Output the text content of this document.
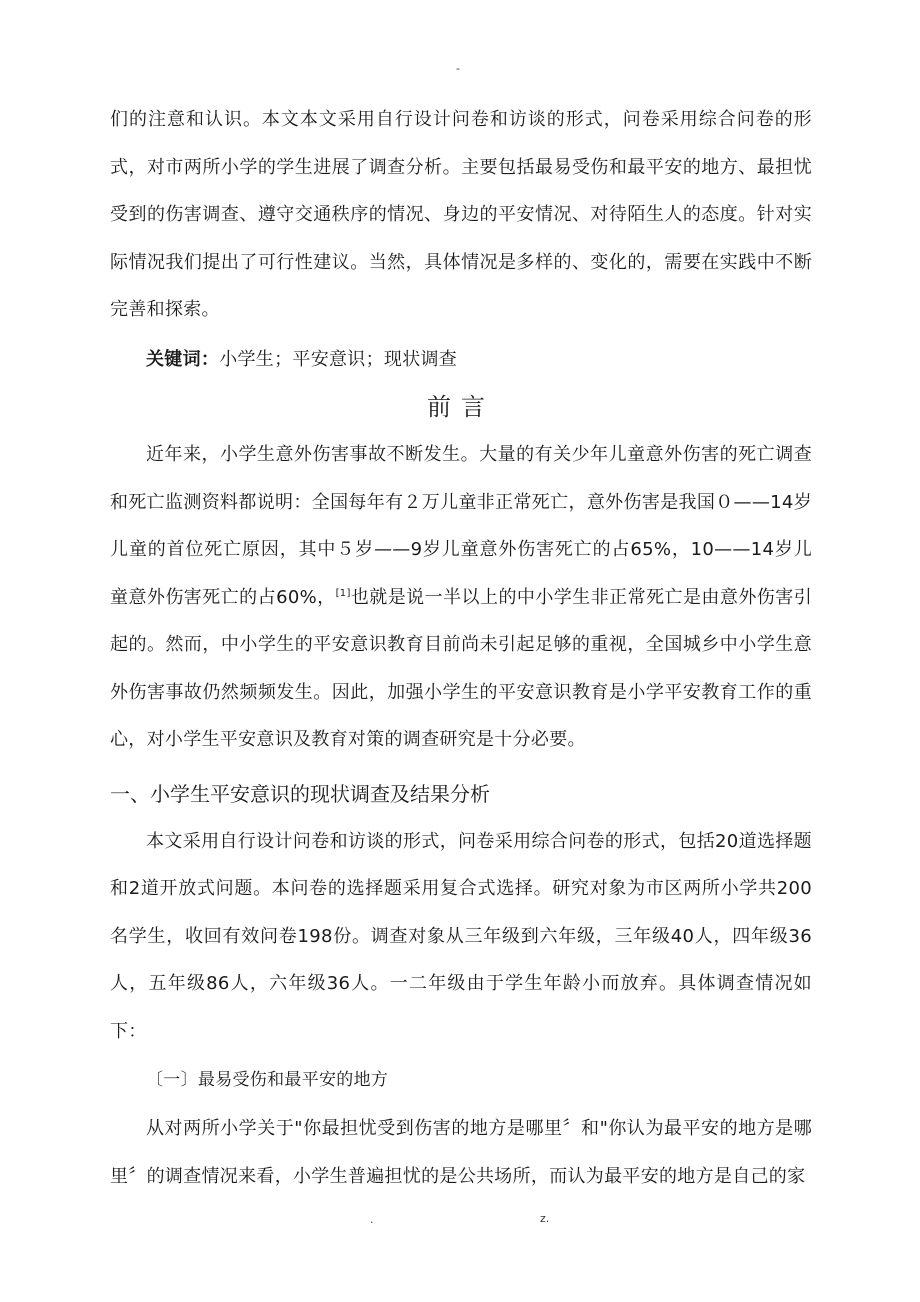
-

们的注意和认识。本文本文采用自行设计问卷和访谈的形式，问卷采用综合问卷的形式，对市两所小学的学生进展了调查分析。主要包括最易受伤和最平安的地方、最担忧受到的伤害调查、遵守交通秩序的情况、身边的平安情况、对待陌生人的态度。针对实际情况我们提出了可行性建议。当然，具体情况是多样的、变化的，需要在实践中不断完善和探索。

关键词：小学生；平安意识；现状调查

前言

近年来，小学生意外伤害事故不断发生。大量的有关少年儿童意外伤害的死亡调查和死亡监测资料都说明：全国每年有２万儿童非正常死亡，意外伤害是我国０——14岁儿童的首位死亡原因，其中５岁——9岁儿童意外伤害死亡的占65%，10——14岁儿童意外伤害死亡的占60%，[1]也就是说一半以上的中小学生非正常死亡是由意外伤害引起的。然而，中小学生的平安意识教育目前尚未引起足够的重视，全国城乡中小学生意外伤害事故仍然频频发生。因此，加强小学生的平安意识教育是小学平安教育工作的重心，对小学生平安意识及教育对策的调查研究是十分必要。

一、小学生平安意识的现状调查及结果分析

本文采用自行设计问卷和访谈的形式，问卷采用综合问卷的形式，包括20道选择题和2道开放式问题。本问卷的选择题采用复合式选择。研究对象为市区两所小学共200名学生，收回有效问卷198份。调查对象从三年级到六年级，三年级40人，四年级36人，五年级86人，六年级36人。一二年级由于学生年龄小而放弃。具体调查情况如下：

〔一〕最易受伤和最平安的地方

从对两所小学关于"你最担忧受到伤害的地方是哪里〞和"你认为最平安的地方是哪里〞的调查情况来看，小学生普遍担忧的是公共场所，而认为最平安的地方是自己的家

.	z.
